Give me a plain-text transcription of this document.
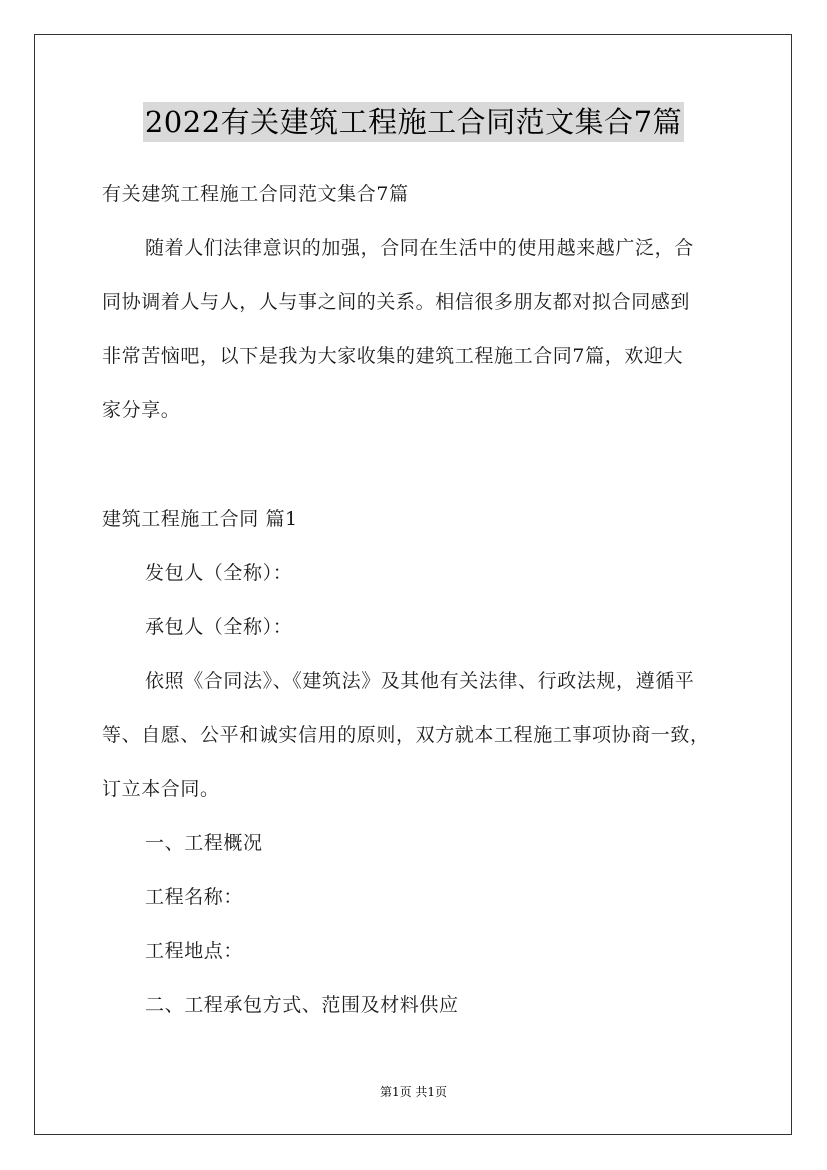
2022有关建筑工程施工合同范文集合7篇
有关建筑工程施工合同范文集合7篇
随着人们法律意识的加强，合同在生活中的使用越来越广泛，合
同协调着人与人，人与事之间的关系。相信很多朋友都对拟合同感到
非常苦恼吧，以下是我为大家收集的建筑工程施工合同7篇，欢迎大
家分享。
建筑工程施工合同 篇1
发包人（全称）：
承包人（全称）：
依照《合同法》、《建筑法》及其他有关法律、行政法规，遵循平
等、自愿、公平和诚实信用的原则，双方就本工程施工事项协商一致，
订立本合同。
一、工程概况
工程名称：
工程地点：
二、工程承包方式、范围及材料供应
第1页 共1页
